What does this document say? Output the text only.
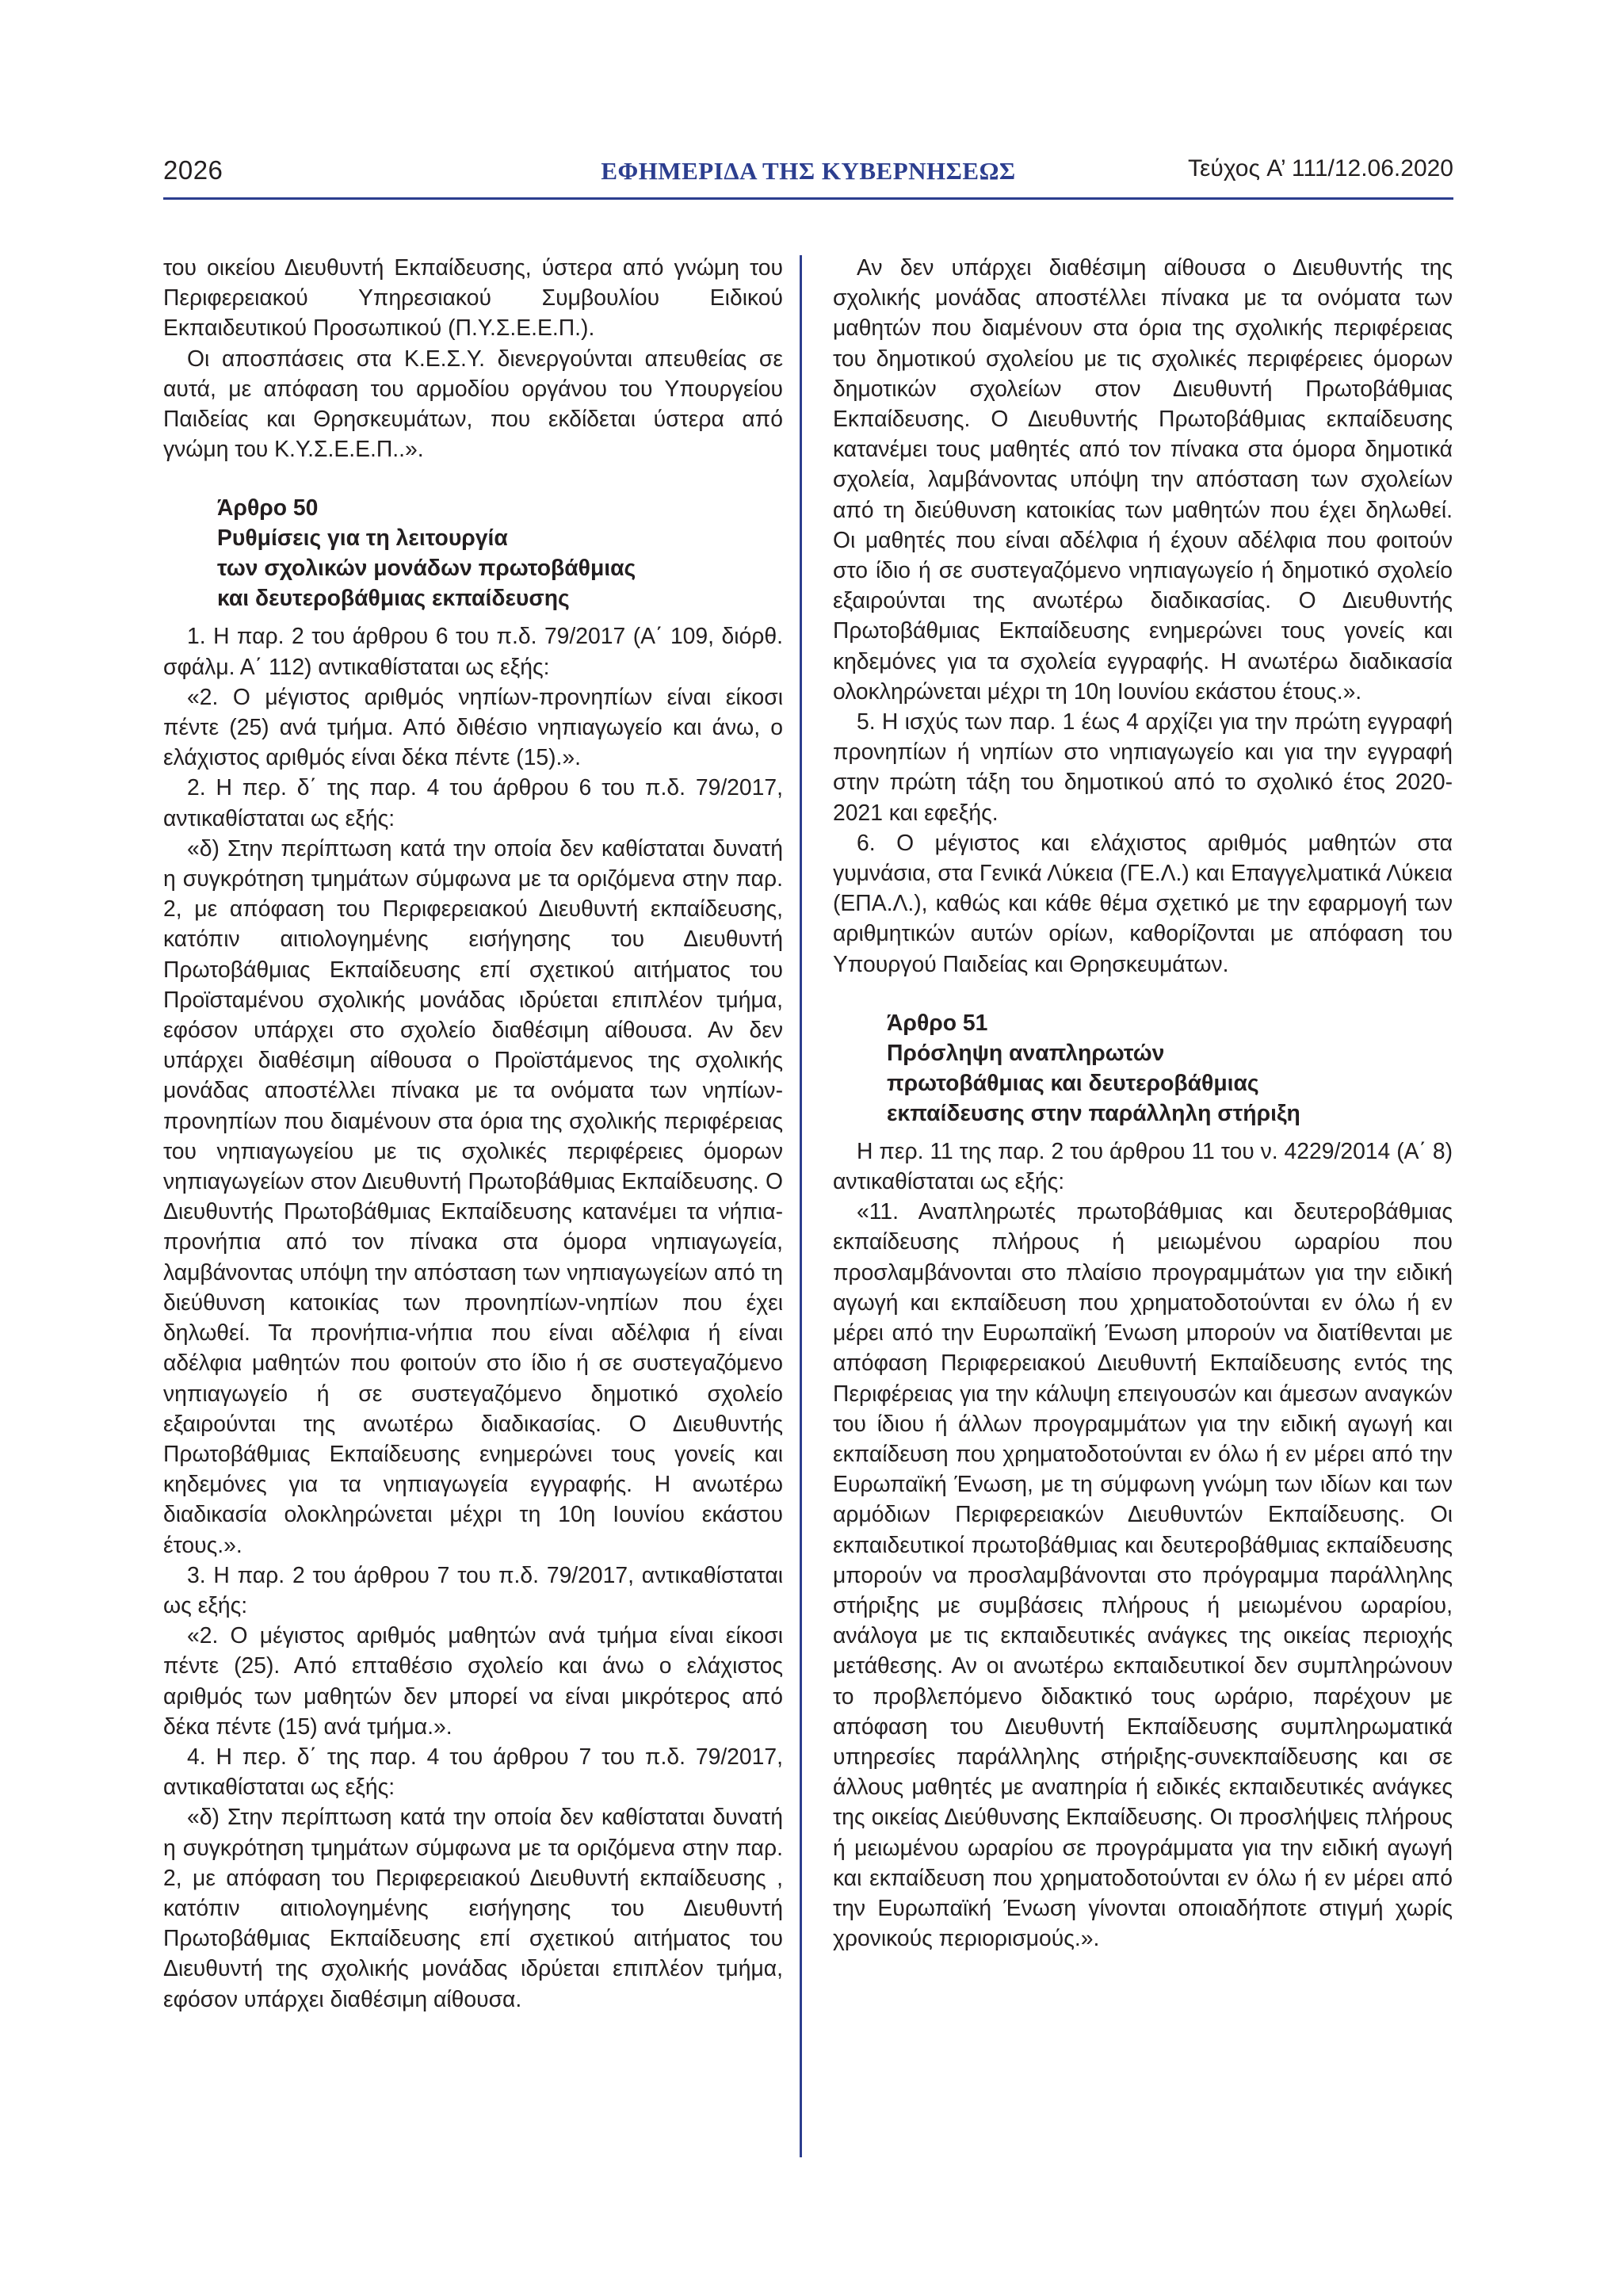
2026	ΕΦΗΜΕΡΙΔΑ ΤΗΣ ΚΥΒΕΡΝΗΣΕΩΣ	Τεύχος A’ 111/12.06.2020

του οικείου Διευθυντή Εκπαίδευσης, ύστερα από γνώμη του Περιφερειακού Υπηρεσιακού Συμβουλίου Ειδικού Εκπαιδευτικού Προσωπικού (Π.Υ.Σ.Ε.Ε.Π.).

Οι αποσπάσεις στα Κ.Ε.Σ.Υ. διενεργούνται απευθείας σε αυτά, με απόφαση του αρμοδίου οργάνου του Υπουργείου Παιδείας και Θρησκευμάτων, που εκδίδεται ύστερα από γνώμη του Κ.Υ.Σ.Ε.Ε.Π..».

Άρθρο 50
Ρυθμίσεις για τη λειτουργία
των σχολικών μονάδων πρωτοβάθμιας
και δευτεροβάθμιας εκπαίδευσης

1. Η παρ. 2 του άρθρου 6 του π.δ. 79/2017 (Α΄ 109, διόρθ. σφάλμ. Α΄ 112) αντικαθίσταται ως εξής:

«2. Ο μέγιστος αριθμός νηπίων-προνηπίων είναι είκοσι πέντε (25) ανά τμήμα. Από διθέσιο νηπιαγωγείο και άνω, ο ελάχιστος αριθμός είναι δέκα πέντε (15).».

2. Η περ. δ΄ της παρ. 4 του άρθρου 6 του π.δ. 79/2017, αντικαθίσταται ως εξής:

«δ) Στην περίπτωση κατά την οποία δεν καθίσταται δυνατή η συγκρότηση τμημάτων σύμφωνα με τα οριζόμενα στην παρ. 2, με απόφαση του Περιφερειακού Διευθυντή εκπαίδευσης, κατόπιν αιτιολογημένης εισήγησης του Διευθυντή Πρωτοβάθμιας Εκπαίδευσης επί σχετικού αιτήματος του Προϊσταμένου σχολικής μονάδας ιδρύεται επιπλέον τμήμα, εφόσον υπάρχει στο σχολείο διαθέσιμη αίθουσα. Αν δεν υπάρχει διαθέσιμη αίθουσα ο Προϊστάμενος της σχολικής μονάδας αποστέλλει πίνακα με τα ονόματα των νηπίων-προνηπίων που διαμένουν στα όρια της σχολικής περιφέρειας του νηπιαγωγείου με τις σχολικές περιφέρειες όμορων νηπιαγωγείων στον Διευθυντή Πρωτοβάθμιας Εκπαίδευσης. Ο Διευθυντής Πρωτοβάθμιας Εκπαίδευσης κατανέμει τα νήπια-προνήπια από τον πίνακα στα όμορα νηπιαγωγεία, λαμβάνοντας υπόψη την απόσταση των νηπιαγωγείων από τη διεύθυνση κατοικίας των προνηπίων-νηπίων που έχει δηλωθεί. Τα προνήπια-νήπια που είναι αδέλφια ή είναι αδέλφια μαθητών που φοιτούν στο ίδιο ή σε συστεγαζόμενο νηπιαγωγείο ή σε συστεγαζόμενο δημοτικό σχολείο εξαιρούνται της ανωτέρω διαδικασίας. Ο Διευθυντής Πρωτοβάθμιας Εκπαίδευσης ενημερώνει τους γονείς και κηδεμόνες για τα νηπιαγωγεία εγγραφής. Η ανωτέρω διαδικασία ολοκληρώνεται μέχρι τη 10η Ιουνίου εκάστου έτους.».

3. Η παρ. 2 του άρθρου 7 του π.δ. 79/2017, αντικαθίσταται ως εξής:

«2. Ο μέγιστος αριθμός μαθητών ανά τμήμα είναι είκοσι πέντε (25). Από επταθέσιο σχολείο και άνω ο ελάχιστος αριθμός των μαθητών δεν μπορεί να είναι μικρότερος από δέκα πέντε (15) ανά τμήμα.».

4. Η περ. δ΄ της παρ. 4 του άρθρου 7 του π.δ. 79/2017, αντικαθίσταται ως εξής:

«δ) Στην περίπτωση κατά την οποία δεν καθίσταται δυνατή η συγκρότηση τμημάτων σύμφωνα με τα οριζόμενα στην παρ. 2, με απόφαση του Περιφερειακού Διευθυντή εκπαίδευσης , κατόπιν αιτιολογημένης εισήγησης του Διευθυντή Πρωτοβάθμιας Εκπαίδευσης επί σχετικού αιτήματος του Διευθυντή της σχολικής μονάδας ιδρύεται επιπλέον τμήμα, εφόσον υπάρχει διαθέσιμη αίθουσα.

Αν δεν υπάρχει διαθέσιμη αίθουσα ο Διευθυντής της σχολικής μονάδας αποστέλλει πίνακα με τα ονόματα των μαθητών που διαμένουν στα όρια της σχολικής περιφέρειας του δημοτικού σχολείου με τις σχολικές περιφέρειες όμορων δημοτικών σχολείων στον Διευθυντή Πρωτοβάθμιας Εκπαίδευσης. Ο Διευθυντής Πρωτοβάθμιας εκπαίδευσης κατανέμει τους μαθητές από τον πίνακα στα όμορα δημοτικά σχολεία, λαμβάνοντας υπόψη την απόσταση των σχολείων από τη διεύθυνση κατοικίας των μαθητών που έχει δηλωθεί. Οι μαθητές που είναι αδέλφια ή έχουν αδέλφια που φοιτούν στο ίδιο ή σε συστεγαζόμενο νηπιαγωγείο ή δημοτικό σχολείο εξαιρούνται της ανωτέρω διαδικασίας. Ο Διευθυντής Πρωτοβάθμιας Εκπαίδευσης ενημερώνει τους γονείς και κηδεμόνες για τα σχολεία εγγραφής. Η ανωτέρω διαδικασία ολοκληρώνεται μέχρι τη 10η Ιουνίου εκάστου έτους.».

5. Η ισχύς των παρ. 1 έως 4 αρχίζει για την πρώτη εγγραφή προνηπίων ή νηπίων στο νηπιαγωγείο και για την εγγραφή στην πρώτη τάξη του δημοτικού από το σχολικό έτος 2020-2021 και εφεξής.

6. Ο μέγιστος και ελάχιστος αριθμός μαθητών στα γυμνάσια, στα Γενικά Λύκεια (ΓΕ.Λ.) και Επαγγελματικά Λύκεια (ΕΠΑ.Λ.), καθώς και κάθε θέμα σχετικό με την εφαρμογή των αριθμητικών αυτών ορίων, καθορίζονται με απόφαση του Υπουργού Παιδείας και Θρησκευμάτων.

Άρθρο 51
Πρόσληψη αναπληρωτών
πρωτοβάθμιας και δευτεροβάθμιας
εκπαίδευσης στην παράλληλη στήριξη

Η περ. 11 της παρ. 2 του άρθρου 11 του ν. 4229/2014 (Α΄ 8) αντικαθίσταται ως εξής:

«11. Αναπληρωτές πρωτοβάθμιας και δευτεροβάθμιας εκπαίδευσης πλήρους ή μειωμένου ωραρίου που προσλαμβάνονται στο πλαίσιο προγραμμάτων για την ειδική αγωγή και εκπαίδευση που χρηματοδοτούνται εν όλω ή εν μέρει από την Ευρωπαϊκή Ένωση μπορούν να διατίθενται με απόφαση Περιφερειακού Διευθυντή Εκπαίδευσης εντός της Περιφέρειας για την κάλυψη επειγουσών και άμεσων αναγκών του ίδιου ή άλλων προγραμμάτων για την ειδική αγωγή και εκπαίδευση που χρηματοδοτούνται εν όλω ή εν μέρει από την Ευρωπαϊκή Ένωση, με τη σύμφωνη γνώμη των ιδίων και των αρμόδιων Περιφερειακών Διευθυντών Εκπαίδευσης. Οι εκπαιδευτικοί πρωτοβάθμιας και δευτεροβάθμιας εκπαίδευσης μπορούν να προσλαμβάνονται στο πρόγραμμα παράλληλης στήριξης με συμβάσεις πλήρους ή μειωμένου ωραρίου, ανάλογα με τις εκπαιδευτικές ανάγκες της οικείας περιοχής μετάθεσης. Αν οι ανωτέρω εκπαιδευτικοί δεν συμπληρώνουν το προβλεπόμενο διδακτικό τους ωράριο, παρέχουν με απόφαση του Διευθυντή Εκπαίδευσης συμπληρωματικά υπηρεσίες παράλληλης στήριξης-συνεκπαίδευσης και σε άλλους μαθητές με αναπηρία ή ειδικές εκπαιδευτικές ανάγκες της οικείας Διεύθυνσης Εκπαίδευσης. Οι προσλήψεις πλήρους ή μειωμένου ωραρίου σε προγράμματα για την ειδική αγωγή και εκπαίδευση που χρηματοδοτούνται εν όλω ή εν μέρει από την Ευρωπαϊκή Ένωση γίνονται οποιαδήποτε στιγμή χωρίς χρονικούς περιορισμούς.».
